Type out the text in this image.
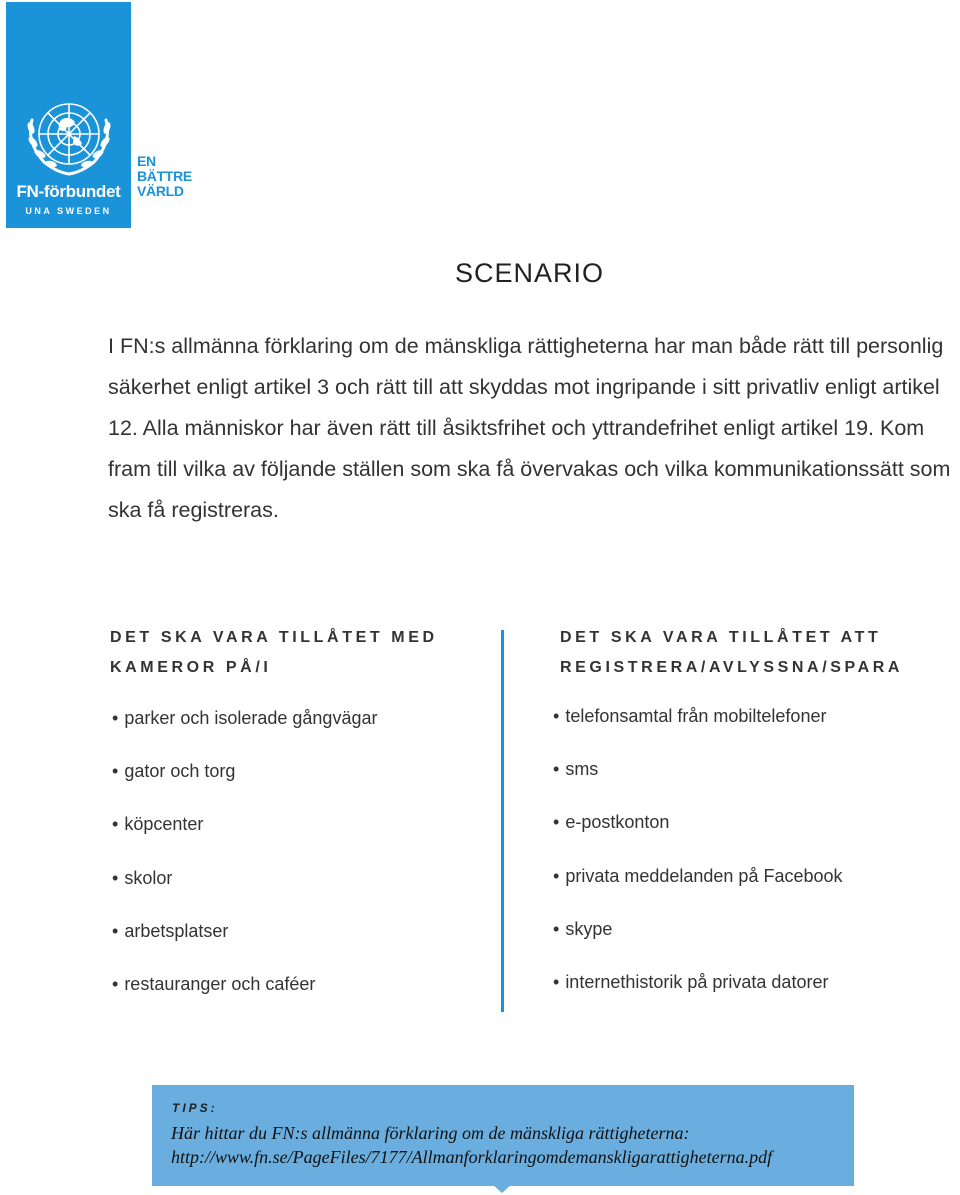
FN-förbundet
UNA SWEDEN
EN
BÄTTRE
VÄRLD
SCENARIO
I FN:s allmänna förklaring om de mänskliga rättigheterna har man både rätt till personlig säkerhet enligt artikel 3 och rätt till att skyddas mot ingripande i sitt privatliv enligt artikel 12. Alla människor har även rätt till åsiktsfrihet och yttrandefrihet enligt artikel 19. Kom fram till vilka av följande ställen som ska få övervakas och vilka kommunikationssätt som ska få registreras.
DET SKA VARA TILLÅTET MED
KAMEROR PÅ/I
• parker och isolerade gångvägar
• gator och torg
• köpcenter
• skolor
• arbetsplatser
• restauranger och caféer
DET SKA VARA TILLÅTET ATT
REGISTRERA/AVLYSSNA/SPARA
• telefonsamtal från mobiltelefoner
• sms
• e-postkonton
• privata meddelanden på Facebook
• skype
• internethistorik på privata datorer
TIPS:
Här hittar du FN:s allmänna förklaring om de mänskliga rättigheterna:
http://www.fn.se/PageFiles/7177/Allmanforklaringomdemanskligarattigheterna.pdf
